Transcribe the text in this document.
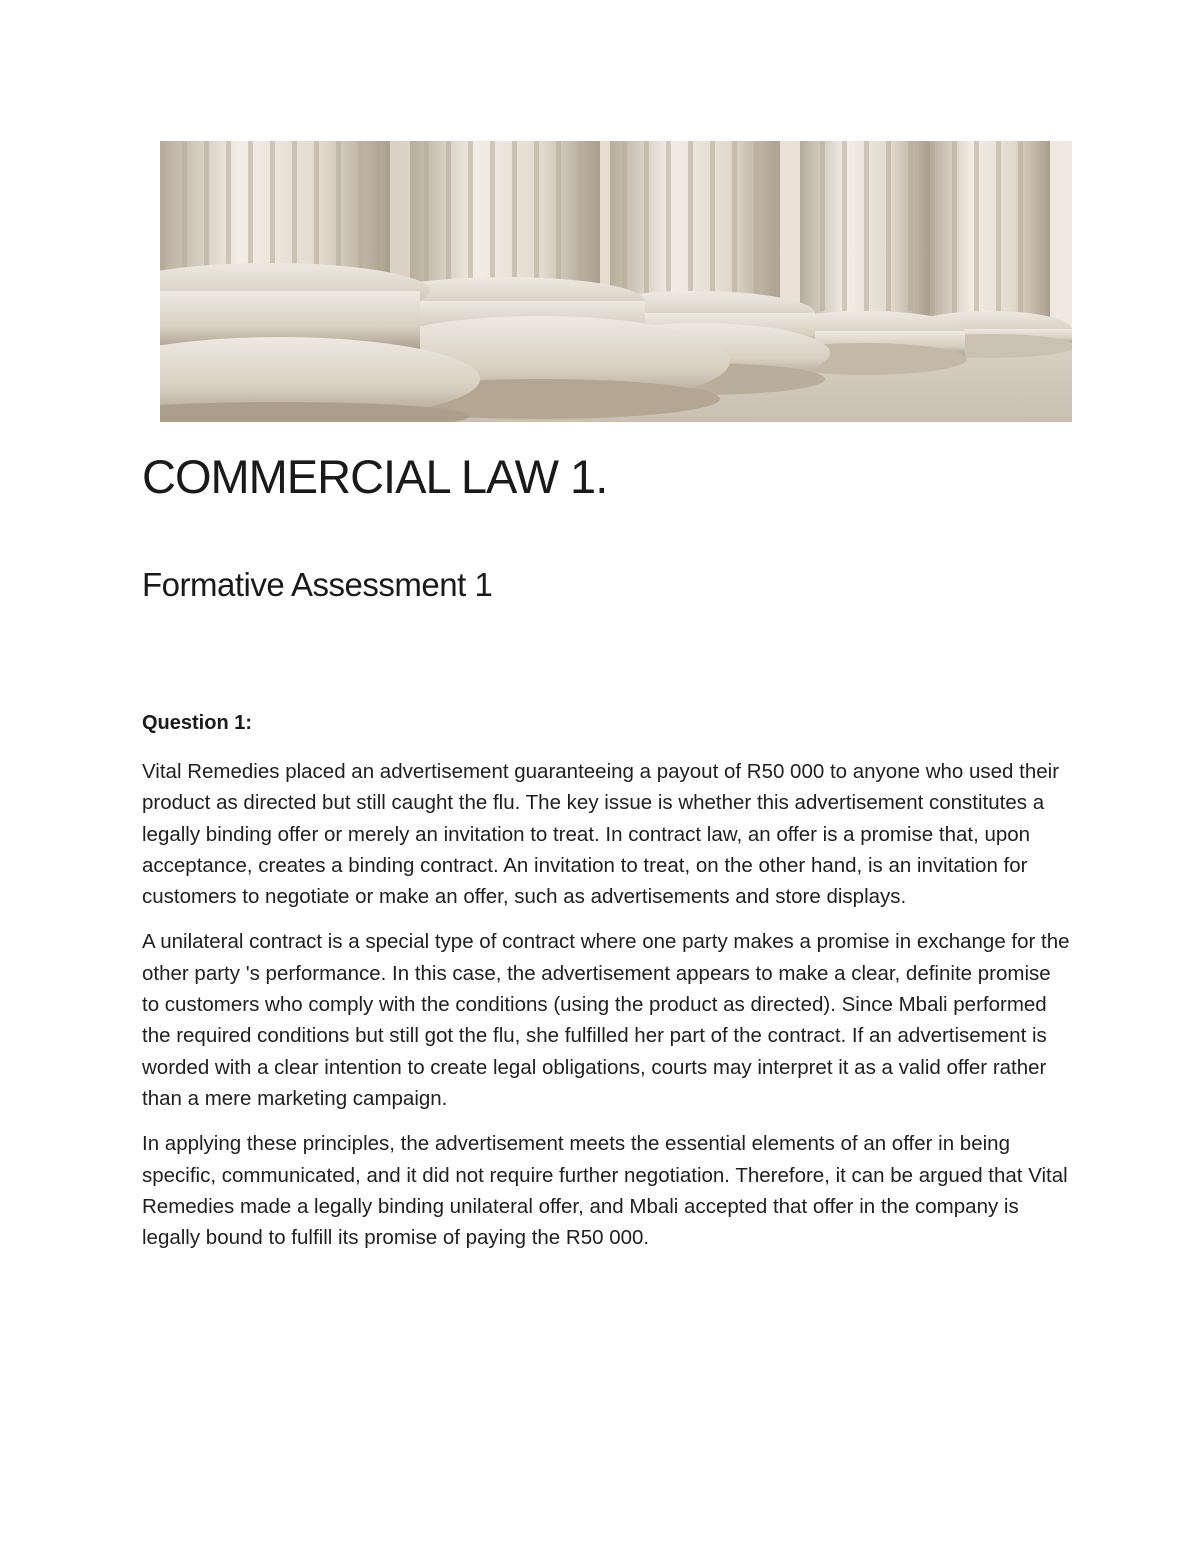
COMMERCIAL LAW 1.
Formative Assessment 1
Question 1:

Vital Remedies placed an advertisement guaranteeing a payout of R50 000 to anyone who used their product as directed but still caught the flu. The key issue is whether this advertisement constitutes a legally binding offer or merely an invitation to treat. In contract law, an offer is a promise that, upon acceptance, creates a binding contract. An invitation to treat, on the other hand, is an invitation for customers to negotiate or make an offer, such as advertisements and store displays.

A unilateral contract is a special type of contract where one party makes a promise in exchange for the other party 's performance. In this case, the advertisement appears to make a clear, definite promise to customers who comply with the conditions (using the product as directed). Since Mbali performed the required conditions but still got the flu, she fulfilled her part of the contract. If an advertisement is worded with a clear intention to create legal obligations, courts may interpret it as a valid offer rather than a mere marketing campaign.

In applying these principles, the advertisement meets the essential elements of an offer in being specific, communicated, and it did not require further negotiation. Therefore, it can be argued that Vital Remedies made a legally binding unilateral offer, and Mbali accepted that offer in the company is legally bound to fulfill its promise of paying the R50 000.
